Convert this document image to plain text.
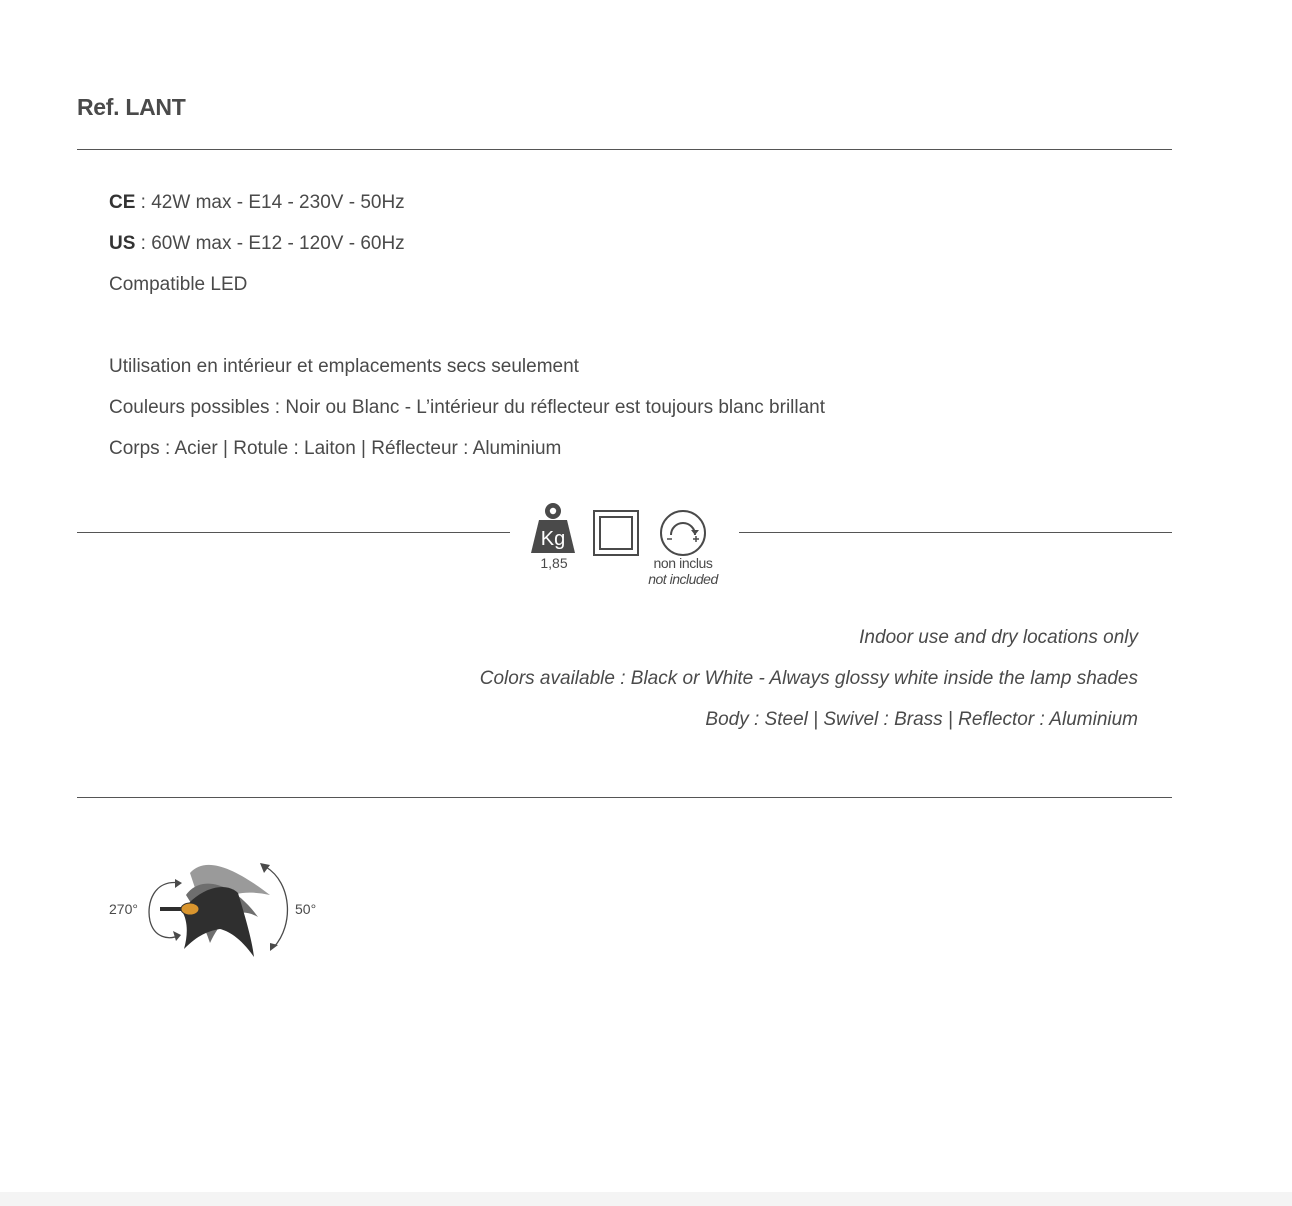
Ref. LANT
CE : 42W max - E14 - 230V - 50Hz
US : 60W max - E12 - 120V - 60Hz
Compatible LED
Utilisation en intérieur et emplacements secs seulement
Couleurs possibles : Noir ou Blanc - L’intérieur du réflecteur est toujours blanc brillant
Corps : Acier | Rotule : Laiton | Réflecteur : Aluminium
Kg
1,85	non inclus
not included
Indoor use and dry locations only
Colors available : Black or White - Always glossy white inside the lamp shades
Body : Steel | Swivel : Brass | Reflector : Aluminium
270°	50°
